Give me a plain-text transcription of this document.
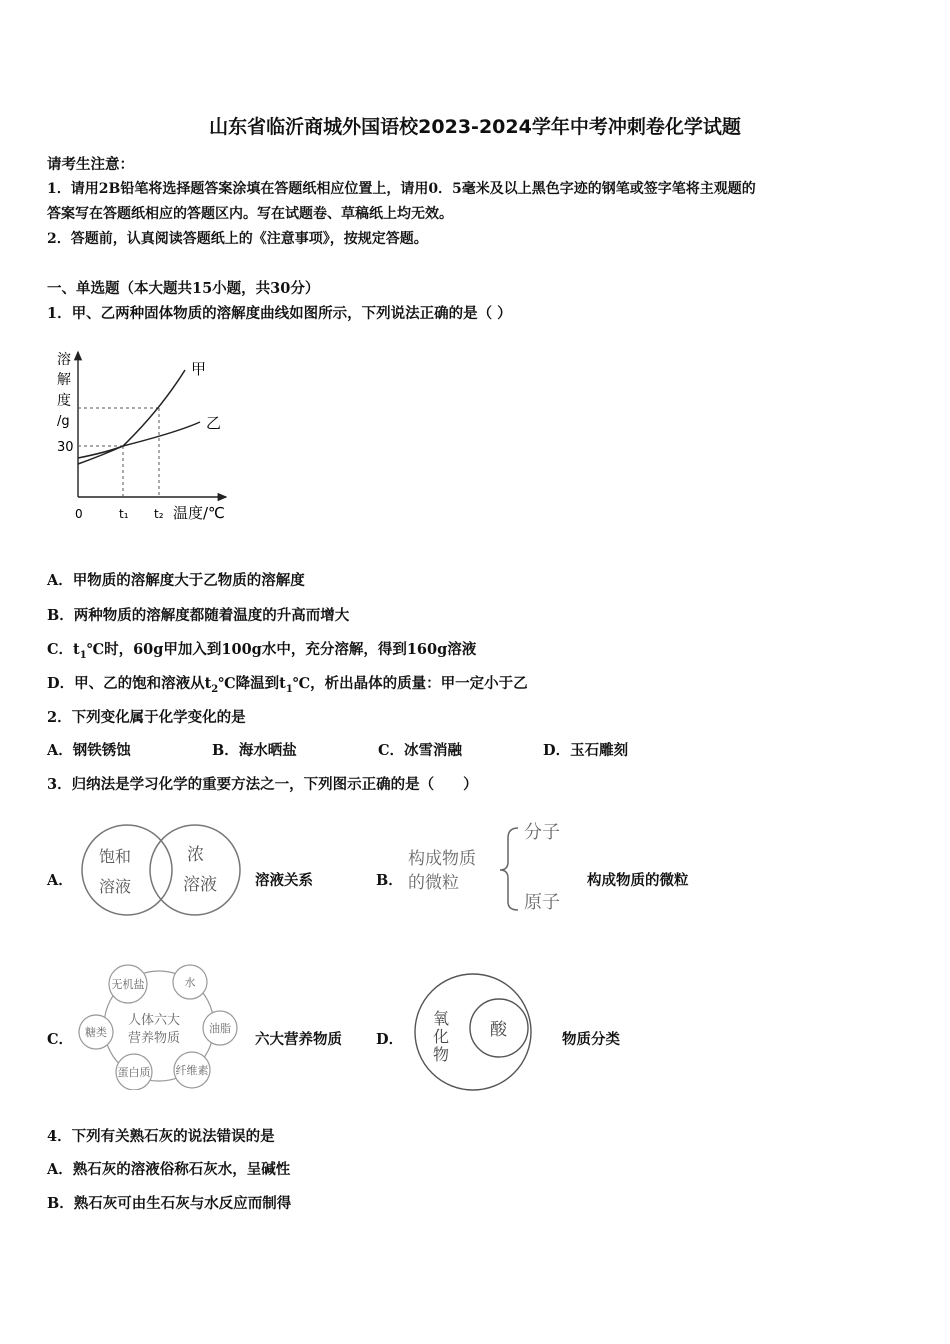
山东省临沂商城外国语校2023-2024学年中考冲刺卷化学试题
请考生注意：
1．请用2B铅笔将选择题答案涂填在答题纸相应位置上，请用0．5毫米及以上黑色字迹的钢笔或签字笔将主观题的
答案写在答题纸相应的答题区内。写在试题卷、草稿纸上均无效。
2．答题前，认真阅读答题纸上的《注意事项》，按规定答题。
一、单选题（本大题共15小题，共30分）
1．甲、乙两种固体物质的溶解度曲线如图所示，下列说法正确的是（ ）
溶
解
度
/g
30
0	t₁ t₂ 温度/℃
甲
乙
A．甲物质的溶解度大于乙物质的溶解度
B．两种物质的溶解度都随着温度的升高而增大
C．$t_1℃$时，60g甲加入到100g水中，充分溶解，得到160g溶液
D．甲、乙的饱和溶液从$t_2℃$降温到$t_1℃$，析出晶体的质量：甲一定小于乙
2．下列变化属于化学变化的是
A．钢铁锈蚀	B．海水晒盐	C．冰雪消融	D．玉石雕刻
3．归纳法是学习化学的重要方法之一，下列图示正确的是（　　）
A．
饱和
溶液
浓
溶液	溶液关系	B．
构成物质
的微粒
分子
原子
构成物质的微粒
C．
人体六大
营养物质
无机盐	水
油脂
纤维素
蛋白质
糖类	六大营养物质 D．
氧
化
物
酸	物质分类
4．下列有关熟石灰的说法错误的是
A．熟石灰的溶液俗称石灰水，呈碱性
B．熟石灰可由生石灰与水反应而制得
